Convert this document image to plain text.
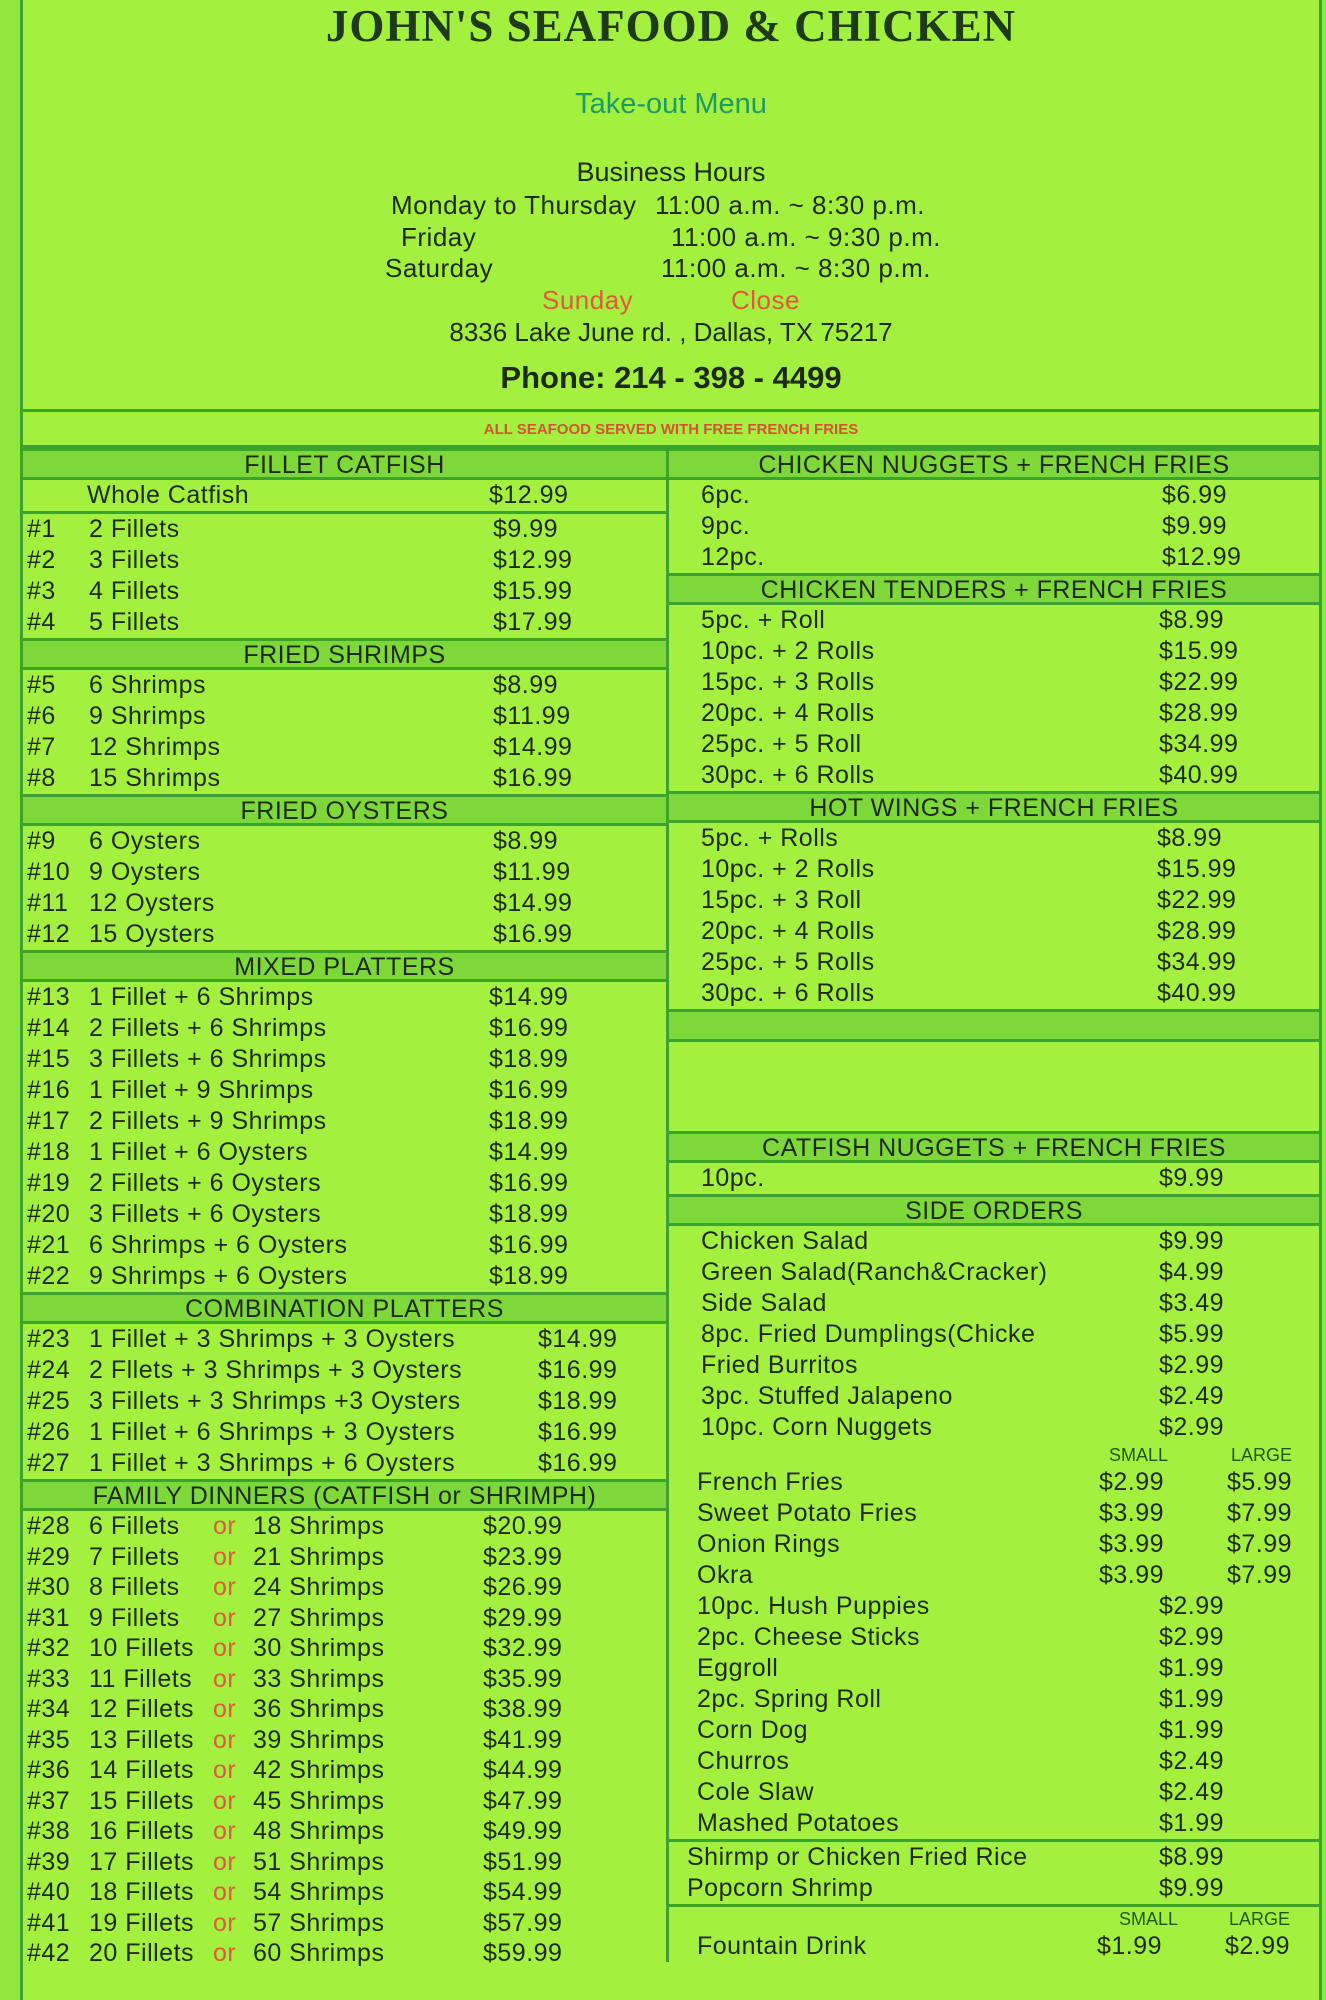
JOHN'S SEAFOOD & CHICKEN
Take-out Menu
Business Hours
Monday to Thursday 11:00 a.m. ~ 8:30 p.m.
Friday	11:00 a.m. ~ 9:30 p.m.
Saturday	11:00 a.m. ~ 8:30 p.m.
Sunday	Close
8336 Lake June rd. , Dallas, TX 75217
Phone: 214 - 398 - 4499
ALL SEAFOOD SERVED WITH FREE FRENCH FRIES
FILLET CATFISH
Whole Catfish	$12.99
#1 2 Fillets	$9.99
#2 3 Fillets	$12.99
#3 4 Fillets	$15.99
#4 5 Fillets	$17.99
FRIED SHRIMPS
#5 6 Shrimps	$8.99
#6 9 Shrimps	$11.99
#7 12 Shrimps	$14.99
#8 15 Shrimps	$16.99
FRIED OYSTERS
#9 6 Oysters	$8.99
#10 9 Oysters	$11.99
#11 12 Oysters	$14.99
#12 15 Oysters	$16.99
MIXED PLATTERS
#13 1 Fillet + 6 Shrimps	$14.99
#14 2 Fillets + 6 Shrimps	$16.99
#15 3 Fillets + 6 Shrimps	$18.99
#16 1 Fillet + 9 Shrimps	$16.99
#17 2 Fillets + 9 Shrimps	$18.99
#18 1 Fillet + 6 Oysters	$14.99
#19 2 Fillets + 6 Oysters	$16.99
#20 3 Fillets + 6 Oysters	$18.99
#21 6 Shrimps + 6 Oysters	$16.99
#22 9 Shrimps + 6 Oysters	$18.99
COMBINATION PLATTERS
#23 1 Fillet + 3 Shrimps + 3 Oysters	$14.99
#24 2 Fllets + 3 Shrimps + 3 Oysters	$16.99
#25 3 Fillets + 3 Shrimps +3 Oysters	$18.99
#26 1 Fillet + 6 Shrimps + 3 Oysters	$16.99
#27 1 Fillet + 3 Shrimps + 6 Oysters	$16.99
FAMILY DINNERS (CATFISH or SHRIMPH)
#28 6 Fillets or 18 Shrimps	$20.99
#29 7 Fillets or 21 Shrimps	$23.99
#30 8 Fillets or 24 Shrimps	$26.99
#31 9 Fillets or 27 Shrimps	$29.99
#32 10 Fillets or 30 Shrimps	$32.99
#33 11 Fillets or 33 Shrimps	$35.99
#34 12 Fillets or 36 Shrimps	$38.99
#35 13 Fillets or 39 Shrimps	$41.99
#36 14 Fillets or 42 Shrimps	$44.99
#37 15 Fillets or 45 Shrimps	$47.99
#38 16 Fillets or 48 Shrimps	$49.99
#39 17 Fillets or 51 Shrimps	$51.99
#40 18 Fillets or 54 Shrimps	$54.99
#41 19 Fillets or 57 Shrimps	$57.99
#42 20 Fillets or 60 Shrimps	$59.99
CHICKEN NUGGETS + FRENCH FRIES
6pc.	$6.99
9pc.	$9.99
12pc.	$12.99
CHICKEN TENDERS + FRENCH FRIES
5pc. + Roll	$8.99
10pc. + 2 Rolls	$15.99
15pc. + 3 Rolls	$22.99
20pc. + 4 Rolls	$28.99
25pc. + 5 Roll	$34.99
30pc. + 6 Rolls	$40.99
HOT WINGS + FRENCH FRIES
5pc. + Rolls	$8.99
10pc. + 2 Rolls	$15.99
15pc. + 3 Roll	$22.99
20pc. + 4 Rolls	$28.99
25pc. + 5 Rolls	$34.99
30pc. + 6 Rolls	$40.99
CATFISH NUGGETS + FRENCH FRIES
10pc.	$9.99
SIDE ORDERS
Chicken Salad	$9.99
Green Salad(Ranch&Cracker)	$4.99
Side Salad	$3.49
8pc. Fried Dumplings(Chicke	$5.99
Fried Burritos	$2.99
3pc. Stuffed Jalapeno	$2.49
10pc. Corn Nuggets	$2.99
SMALL	LARGE
French Fries	$2.99	$5.99
Sweet Potato Fries	$3.99	$7.99
Onion Rings	$3.99	$7.99
Okra	$3.99	$7.99
10pc. Hush Puppies	$2.99
2pc. Cheese Sticks	$2.99
Eggroll	$1.99
2pc. Spring Roll	$1.99
Corn Dog	$1.99
Churros	$2.49
Cole Slaw	$2.49
Mashed Potatoes	$1.99
Shirmp or Chicken Fried Rice	$8.99
Popcorn Shrimp	$9.99
SMALL	LARGE
Fountain Drink	$1.99	$2.99
